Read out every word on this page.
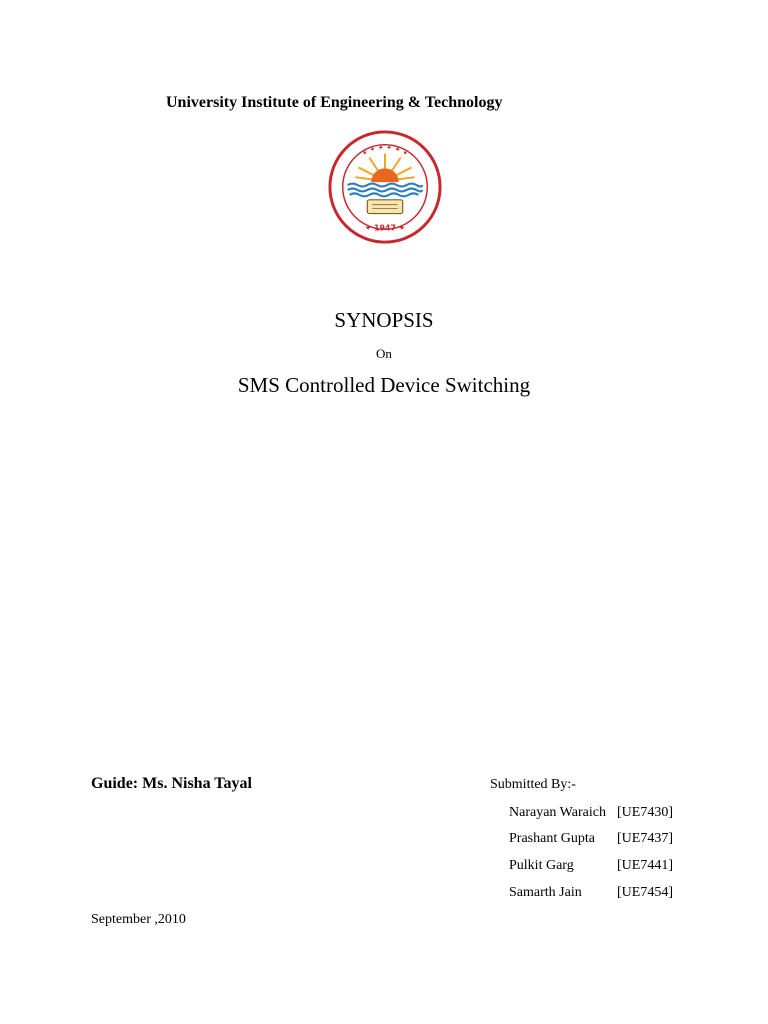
University Institute of Engineering & Technology
✦ ✦ ✦ ✦ ✦ ✦
✦ 1947 ✦
SYNOPSIS
On
SMS Controlled Device Switching
Guide: Ms. Nisha Tayal	Submitted By:-
Narayan Waraich [UE7430]
Prashant Gupta [UE7437]
Pulkit Garg	[UE7441]
Samarth Jain	[UE7454]
September ,2010
